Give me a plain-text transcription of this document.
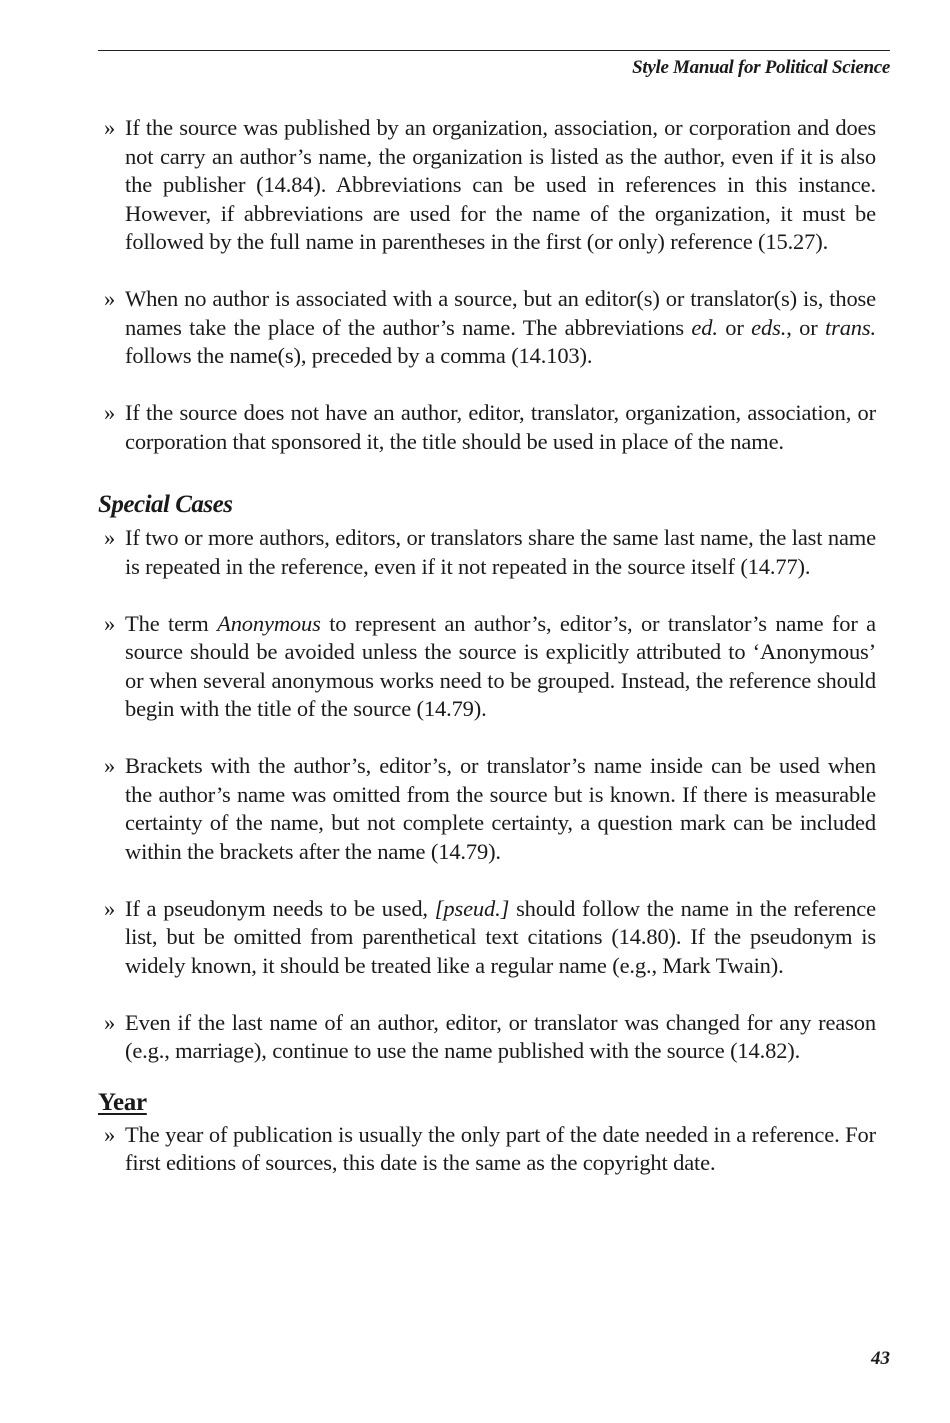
Style Manual for Political Science
» If the source was published by an organization, association, or corporation and does not carry an author’s name, the organization is listed as the author, even if it is also the publisher (14.84). Abbreviations can be used in references in this instance. However, if abbreviations are used for the name of the organization, it must be followed by the full name in parentheses in the first (or only) reference (15.27).
» When no author is associated with a source, but an editor(s) or translator(s) is, those names take the place of the author’s name. The abbreviations ed. or eds., or trans. follows the name(s), preceded by a comma (14.103).
» If the source does not have an author, editor, translator, organization, association, or corporation that sponsored it, the title should be used in place of the name.
Special Cases
» If two or more authors, editors, or translators share the same last name, the last name is repeated in the reference, even if it not repeated in the source itself (14.77).
» The term Anonymous to represent an author’s, editor’s, or translator’s name for a source should be avoided unless the source is explicitly attributed to ‘Anonymous’ or when several anonymous works need to be grouped. Instead, the reference should begin with the title of the source (14.79).
» Brackets with the author’s, editor’s, or translator’s name inside can be used when the author’s name was omitted from the source but is known. If there is measurable certainty of the name, but not complete certainty, a question mark can be included within the brackets after the name (14.79).
» If a pseudonym needs to be used, [pseud.] should follow the name in the reference list, but be omitted from parenthetical text citations (14.80). If the pseudonym is widely known, it should be treated like a regular name (e.g., Mark Twain).
» Even if the last name of an author, editor, or translator was changed for any reason (e.g., marriage), continue to use the name published with the source (14.82).
Year
» The year of publication is usually the only part of the date needed in a reference. For first editions of sources, this date is the same as the copyright date.
43
